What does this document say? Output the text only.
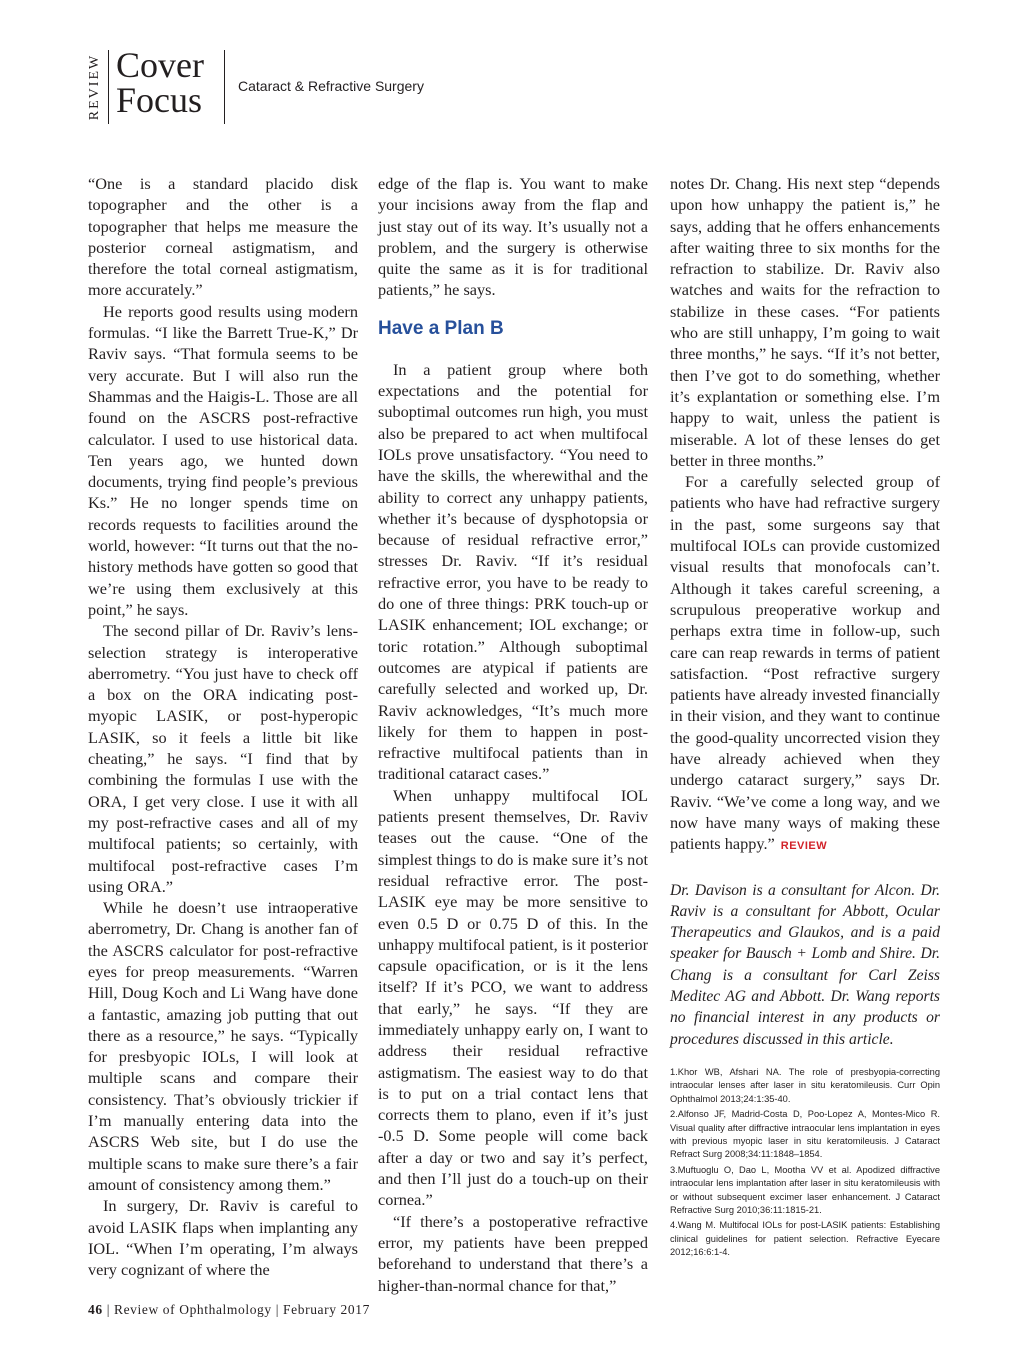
REVIEW Cover
Focus	Cataract & Refractive Surgery

“One is a standard placido disk topographer and the other is a topographer that helps me measure the posterior corneal astigmatism, and therefore the total corneal astigmatism, more accurately.”

He reports good results using modern formulas. “I like the Barrett True-K,” Dr Raviv says. “That formula seems to be very accurate. But I will also run the Shammas and the Haigis-L. Those are all found on the ASCRS post-refractive calculator. I used to use historical data. Ten years ago, we hunted down documents, trying find people’s previous Ks.” He no longer spends time on records requests to facilities around the world, however: “It turns out that the no-history methods have gotten so good that we’re using them exclusively at this point,” he says.

The second pillar of Dr. Raviv’s lens-selection strategy is interoperative aberrometry. “You just have to check off a box on the ORA indicating post-myopic LASIK, or post-hyperopic LASIK, so it feels a little bit like cheating,” he says. “I find that by combining the formulas I use with the ORA, I get very close. I use it with all my post-refractive cases and all of my multifocal patients; so certainly, with multifocal post-refractive cases I’m using ORA.”

While he doesn’t use intraoperative aberrometry, Dr. Chang is another fan of the ASCRS calculator for post-refractive eyes for preop measurements. “Warren Hill, Doug Koch and Li Wang have done a fantastic, amazing job putting that out there as a resource,” he says. “Typically for presbyopic IOLs, I will look at multiple scans and compare their consistency. That’s obviously trickier if I’m manually entering data into the ASCRS Web site, but I do use the multiple scans to make sure there’s a fair amount of consistency among them.”

In surgery, Dr. Raviv is careful to avoid LASIK flaps when implanting any IOL. “When I’m operating, I’m always very cognizant of where the

edge of the flap is. You want to make your incisions away from the flap and just stay out of its way. It’s usually not a problem, and the surgery is otherwise quite the same as it is for traditional patients,” he says.

Have a Plan B

In a patient group where both expectations and the potential for suboptimal outcomes run high, you must also be prepared to act when multifocal IOLs prove unsatisfactory. “You need to have the skills, the wherewithal and the ability to correct any unhappy patients, whether it’s because of dysphotopsia or because of residual refractive error,” stresses Dr. Raviv. “If it’s residual refractive error, you have to be ready to do one of three things: PRK touch-up or LASIK enhancement; IOL exchange; or toric rotation.” Although suboptimal outcomes are atypical if patients are carefully selected and worked up, Dr. Raviv acknowledges, “It’s much more likely for them to happen in post-refractive multifocal patients than in traditional cataract cases.”

When unhappy multifocal IOL patients present themselves, Dr. Raviv teases out the cause. “One of the simplest things to do is make sure it’s not residual refractive error. The post-LASIK eye may be more sensitive to even 0.5 D or 0.75 D of this. In the unhappy multifocal patient, is it posterior capsule opacification, or is it the lens itself? If it’s PCO, we want to address that early,” he says. “If they are immediately unhappy early on, I want to address their residual refractive astigmatism. The easiest way to do that is to put on a trial contact lens that corrects them to plano, even if it’s just -0.5 D. Some people will come back after a day or two and say it’s perfect, and then I’ll just do a touch-up on their cornea.”

“If there’s a postoperative refractive error, my patients have been prepped beforehand to understand that there’s a higher-than-normal chance for that,”

notes Dr. Chang. His next step “depends upon how unhappy the patient is,” he says, adding that he offers enhancements after waiting three to six months for the refraction to stabilize. Dr. Raviv also watches and waits for the refraction to stabilize in these cases. “For patients who are still unhappy, I’m going to wait three months,” he says. “If it’s not better, then I’ve got to do something, whether it’s explantation or something else. I’m happy to wait, unless the patient is miserable. A lot of these lenses do get better in three months.”

For a carefully selected group of patients who have had refractive surgery in the past, some surgeons say that multifocal IOLs can provide customized visual results that monofocals can’t. Although it takes careful screening, a scrupulous preoperative workup and perhaps extra time in follow-up, such care can reap rewards in terms of patient satisfaction. “Post refractive surgery patients have already invested financially in their vision, and they want to continue the good-quality uncorrected vision they have already achieved when they undergo cataract surgery,” says Dr. Raviv. “We’ve come a long way, and we now have many ways of making these patients happy.” REVIEW

Dr. Davison is a consultant for Alcon. Dr. Raviv is a consultant for Abbott, Ocular Therapeutics and Glaukos, and is a paid speaker for Bausch + Lomb and Shire. Dr. Chang is a consultant for Carl Zeiss Meditec AG and Abbott. Dr. Wang reports no financial interest in any products or procedures discussed in this article.
1.Khor WB, Afshari NA. The role of presbyopia-correcting intraocular lenses after laser in situ keratomileusis. Curr Opin Ophthalmol 2013;24:1:35-40.
2.Alfonso JF, Madrid-Costa D, Poo-Lopez A, Montes-Mico R. Visual quality after diffractive intraocular lens implantation in eyes with previous myopic laser in situ keratomileusis. J Cataract Refract Surg 2008;34:11:1848–1854.
3.Muftuoglu O, Dao L, Mootha VV et al. Apodized diffractive intraocular lens implantation after laser in situ keratomileusis with or without subsequent excimer laser enhancement. J Cataract Refractive Surg 2010;36:11:1815-21.
4.Wang M. Multifocal IOLs for post-LASIK patients: Establishing clinical guidelines for patient selection. Refractive Eyecare 2012;16:6:1-4.
46 | Review of Ophthalmology | February 2017
